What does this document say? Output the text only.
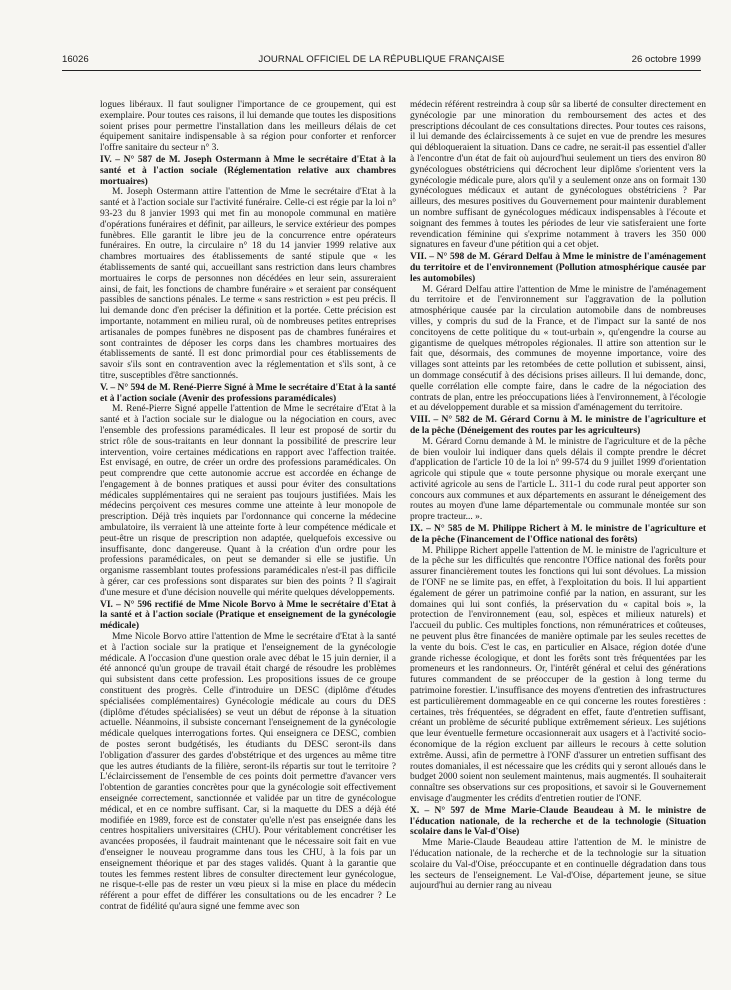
16026	JOURNAL OFFICIEL DE LA RÉPUBLIQUE FRANÇAISE	26 octobre 1999

logues libéraux. Il faut souligner l'importance de ce groupement, qui est exemplaire. Pour toutes ces raisons, il lui demande que toutes les dispositions soient prises pour permettre l'installation dans les meilleurs délais de cet équipement sanitaire indispensable à sa région pour conforter et renforcer l'offre sanitaire du secteur n° 3.

IV. – N° 587 de M. Joseph Ostermann à Mme le secrétaire d'Etat à la santé et à l'action sociale (Réglementation relative aux chambres mortuaires)

M. Joseph Ostermann attire l'attention de Mme le secrétaire d'Etat à la santé et à l'action sociale sur l'activité funéraire. Celle-ci est régie par la loi n° 93-23 du 8 janvier 1993 qui met fin au monopole communal en matière d'opérations funéraires et définit, par ailleurs, le service extérieur des pompes funèbres. Elle garantit le libre jeu de la concurrence entre opérateurs funéraires. En outre, la circulaire n° 18 du 14 janvier 1999 relative aux chambres mortuaires des établissements de santé stipule que « les établissements de santé qui, accueillant sans restriction dans leurs chambres mortuaires le corps de personnes non décédées en leur sein, assureraient ainsi, de fait, les fonctions de chambre funéraire » et seraient par conséquent passibles de sanctions pénales. Le terme « sans restriction » est peu précis. Il lui demande donc d'en préciser la définition et la portée. Cette précision est importante, notamment en milieu rural, où de nombreuses petites entreprises artisanales de pompes funèbres ne disposent pas de chambres funéraires et sont contraintes de déposer les corps dans les chambres mortuaires des établissements de santé. Il est donc primordial pour ces établissements de savoir s'ils sont en contravention avec la réglementation et s'ils sont, à ce titre, susceptibles d'être sanctionnés.

V. – N° 594 de M. René-Pierre Signé à Mme le secrétaire d'Etat à la santé et à l'action sociale (Avenir des professions paramédicales)

M. René-Pierre Signé appelle l'attention de Mme le secrétaire d'Etat à la santé et à l'action sociale sur le dialogue ou la négociation en cours, avec l'ensemble des professions paramédicales. Il leur est proposé de sortir du strict rôle de sous-traitants en leur donnant la possibilité de prescrire leur intervention, voire certaines médications en rapport avec l'affection traitée. Est envisagé, en outre, de créer un ordre des professions paramédicales. On peut comprendre que cette autonomie accrue est accordée en échange de l'engagement à de bonnes pratiques et aussi pour éviter des consultations médicales supplémentaires qui ne seraient pas toujours justifiées. Mais les médecins perçoivent ces mesures comme une atteinte à leur monopole de prescription. Déjà très inquiets par l'ordonnance qui concerne la médecine ambulatoire, ils verraient là une atteinte forte à leur compétence médicale et peut-être un risque de prescription non adaptée, quelquefois excessive ou insuffisante, donc dangereuse. Quant à la création d'un ordre pour les professions paramédicales, on peut se demander si elle se justifie. Un organisme rassemblant toutes professions paramédicales n'est-il pas difficile à gérer, car ces professions sont disparates sur bien des points ? Il s'agirait d'une mesure et d'une décision nouvelle qui mérite quelques développements.

VI. – N° 596 rectifié de Mme Nicole Borvo à Mme le secrétaire d'Etat à la santé et à l'action sociale (Pratique et enseignement de la gynécologie médicale)

Mme Nicole Borvo attire l'attention de Mme le secrétaire d'Etat à la santé et à l'action sociale sur la pratique et l'enseignement de la gynécologie médicale. A l'occasion d'une question orale avec débat le 15 juin dernier, il a été annoncé qu'un groupe de travail était chargé de résoudre les problèmes qui subsistent dans cette profession. Les propositions issues de ce groupe constituent des progrès. Celle d'introduire un DESC (diplôme d'études spécialisées complémentaires) Gynécologie médicale au cours du DES (diplôme d'études spécialisées) se veut un début de réponse à la situation actuelle. Néanmoins, il subsiste concernant l'enseignement de la gynécologie médicale quelques interrogations fortes. Qui enseignera ce DESC, combien de postes seront budgétisés, les étudiants du DESC seront-ils dans l'obligation d'assurer des gardes d'obstétrique et des urgences au même titre que les autres étudiants de la filière, seront-ils répartis sur tout le territoire ? L'éclaircissement de l'ensemble de ces points doit permettre d'avancer vers l'obtention de garanties concrètes pour que la gynécologie soit effectivement enseignée correctement, sanctionnée et validée par un titre de gynécologue médical, et en ce nombre suffisant. Car, si la maquette du DES a déjà été modifiée en 1989, force est de constater qu'elle n'est pas enseignée dans les centres hospitaliers universitaires (CHU). Pour véritablement concrétiser les avancées proposées, il faudrait maintenant que le nécessaire soit fait en vue d'enseigner le nouveau programme dans tous les CHU, à la fois par un enseignement théorique et par des stages validés. Quant à la garantie que toutes les femmes restent libres de consulter directement leur gynécologue, ne risque-t-elle pas de rester un vœu pieux si la mise en place du médecin référent a pour effet de différer les consultations ou de les encadrer ? Le contrat de fidélité qu'aura signé une femme avec son

médecin référent restreindra à coup sûr sa liberté de consulter directement en gynécologie par une minoration du remboursement des actes et des prescriptions découlant de ces consultations directes. Pour toutes ces raisons, il lui demande des éclaircissements à ce sujet en vue de prendre les mesures qui débloqueraient la situation. Dans ce cadre, ne serait-il pas essentiel d'aller à l'encontre d'un état de fait où aujourd'hui seulement un tiers des environ 80 gynécologues obstétriciens qui décrochent leur diplôme s'orientent vers la gynécologie médicale pure, alors qu'il y a seulement onze ans on formait 130 gynécologues médicaux et autant de gynécologues obstétriciens ? Par ailleurs, des mesures positives du Gouvernement pour maintenir durablement un nombre suffisant de gynécologues médicaux indispensables à l'écoute et soignant des femmes à toutes les périodes de leur vie satisferaient une forte revendication féminine qui s'exprime notamment à travers les 350 000 signatures en faveur d'une pétition qui a cet objet.

VII. – N° 598 de M. Gérard Delfau à Mme le ministre de l'aménagement du territoire et de l'environnement (Pollution atmosphérique causée par les automobiles)

M. Gérard Delfau attire l'attention de Mme le ministre de l'aménagement du territoire et de l'environnement sur l'aggravation de la pollution atmosphérique causée par la circulation automobile dans de nombreuses villes, y compris du sud de la France, et de l'impact sur la santé de nos concitoyens de cette politique du « tout-urbain », qu'engendre la course au gigantisme de quelques métropoles régionales. Il attire son attention sur le fait que, désormais, des communes de moyenne importance, voire des villages sont atteints par les retombées de cette pollution et subissent, ainsi, un dommage consécutif à des décisions prises ailleurs. Il lui demande, donc, quelle corrélation elle compte faire, dans le cadre de la négociation des contrats de plan, entre les préoccupations liées à l'environnement, à l'écologie et au développement durable et sa mission d'aménagement du territoire.

VIII. – N° 582 de M. Gérard Cornu à M. le ministre de l'agriculture et de la pêche (Déneigement des routes par les agriculteurs)

M. Gérard Cornu demande à M. le ministre de l'agriculture et de la pêche de bien vouloir lui indiquer dans quels délais il compte prendre le décret d'application de l'article 10 de la loi n° 99-574 du 9 juillet 1999 d'orientation agricole qui stipule que « toute personne physique ou morale exerçant une activité agricole au sens de l'article L. 311-1 du code rural peut apporter son concours aux communes et aux départements en assurant le déneigement des routes au moyen d'une lame départementale ou communale montée sur son propre tracteur... ».

IX. – N° 585 de M. Philippe Richert à M. le ministre de l'agriculture et de la pêche (Financement de l'Office national des forêts)

M. Philippe Richert appelle l'attention de M. le ministre de l'agriculture et de la pêche sur les difficultés que rencontre l'Office national des forêts pour assurer financièrement toutes les fonctions qui lui sont dévolues. La mission de l'ONF ne se limite pas, en effet, à l'exploitation du bois. Il lui appartient également de gérer un patrimoine confié par la nation, en assurant, sur les domaines qui lui sont confiés, la préservation du « capital bois », la protection de l'environnement (eau, sol, espèces et milieux naturels) et l'accueil du public. Ces multiples fonctions, non rémunératrices et coûteuses, ne peuvent plus être financées de manière optimale par les seules recettes de la vente du bois. C'est le cas, en particulier en Alsace, région dotée d'une grande richesse écologique, et dont les forêts sont très fréquentées par les promeneurs et les randonneurs. Or, l'intérêt général et celui des générations futures commandent de se préoccuper de la gestion à long terme du patrimoine forestier. L'insuffisance des moyens d'entretien des infrastructures est particulièrement dommageable en ce qui concerne les routes forestières : certaines, très fréquentées, se dégradent en effet, faute d'entretien suffisant, créant un problème de sécurité publique extrêmement sérieux. Les sujétions que leur éventuelle fermeture occasionnerait aux usagers et à l'activité socio-économique de la région excluent par ailleurs le recours à cette solution extrême. Aussi, afin de permettre à l'ONF d'assurer un entretien suffisant des routes domaniales, il est nécessaire que les crédits qui y seront alloués dans le budget 2000 soient non seulement maintenus, mais augmentés. Il souhaiterait connaître ses observations sur ces propositions, et savoir si le Gouvernement envisage d'augmenter les crédits d'entretien routier de l'ONF.

X. – N° 597 de Mme Marie-Claude Beaudeau à M. le ministre de l'éducation nationale, de la recherche et de la technologie (Situation scolaire dans le Val-d'Oise)

Mme Marie-Claude Beaudeau attire l'attention de M. le ministre de l'éducation nationale, de la recherche et de la technologie sur la situation scolaire du Val-d'Oise, préoccupante et en continuelle dégradation dans tous les secteurs de l'enseignement. Le Val-d'Oise, département jeune, se situe aujourd'hui au dernier rang au niveau
